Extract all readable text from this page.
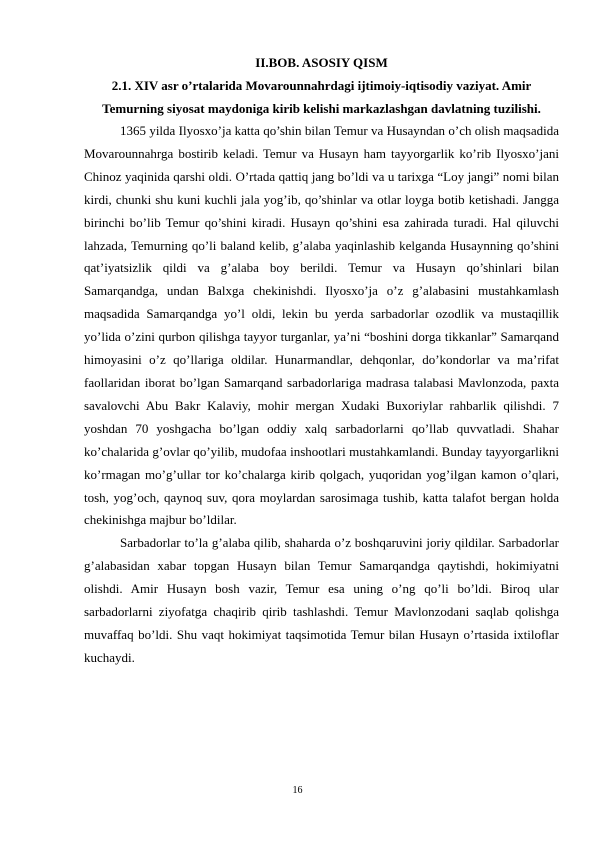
II.BOB. ASOSIY QISM

2.1. XIV asr o’rtalarida Movarounnahrdagi ijtimoiy-iqtisodiy vaziyat. Amir Temurning siyosat maydoniga kirib kelishi markazlashgan davlatning tuzilishi.

1365 yilda Ilyosxo’ja katta qo’shin bilan Temur va Husayndan o’ch olish maqsadida Movarounnahrga bostirib keladi. Temur va Husayn ham tayyorgarlik ko’rib Ilyosxo’jani Chinoz yaqinida qarshi oldi. O’rtada qattiq jang bo’ldi va u tarixga “Loy jangi” nomi bilan kirdi, chunki shu kuni kuchli jala yog’ib, qo’shinlar va otlar loyga botib ketishadi. Jangga birinchi bo’lib Temur qo’shini kiradi. Husayn qo’shini esa zahirada turadi. Hal qiluvchi lahzada, Temurning qo’li baland kelib, g’alaba yaqinlashib kelganda Husaynning qo’shini qat’iyatsizlik qildi va g’alaba boy berildi. Temur va Husayn qo’shinlari bilan Samarqandga, undan Balxga chekinishdi. Ilyosxo’ja o’z g’alabasini mustahkamlash maqsadida Samarqandga yo’l oldi, lekin bu yerda sarbadorlar ozodlik va mustaqillik yo’lida o’zini qurbon qilishga tayyor turganlar, ya’ni “boshini dorga tikkanlar” Samarqand himoyasini o’z qo’llariga oldilar. Hunarmandlar, dehqonlar, do’kondorlar va ma’rifat faollaridan iborat bo’lgan Samarqand sarbadorlariga madrasa talabasi Mavlonzoda, paxta savalovchi Abu Bakr Kalaviy, mohir mergan Xudaki Buxoriylar rahbarlik qilishdi. 7 yoshdan 70 yoshgacha bo’lgan oddiy xalq sarbadorlarni qo’llab quvvatladi. Shahar ko’chalarida g’ovlar qo’yilib, mudofaa inshootlari mustahkamlandi. Bunday tayyorgarlikni ko’rmagan mo’g’ullar tor ko’chalarga kirib qolgach, yuqoridan yog’ilgan kamon o’qlari, tosh, yog’och, qaynoq suv, qora moylardan sarosimaga tushib, katta talafot bergan holda chekinishga majbur bo’ldilar.

Sarbadorlar to’la g’alaba qilib, shaharda o’z boshqaruvini joriy qildilar. Sarbadorlar g’alabasidan xabar topgan Husayn bilan Temur Samarqandga qaytishdi, hokimiyatni olishdi. Amir Husayn bosh vazir, Temur esa uning o’ng qo’li bo’ldi. Biroq ular sarbadorlarni ziyofatga chaqirib qirib tashlashdi. Temur Mavlonzodani saqlab qolishga muvaffaq bo’ldi. Shu vaqt hokimiyat taqsimotida Temur bilan Husayn o’rtasida ixtiloflar kuchaydi.

16
